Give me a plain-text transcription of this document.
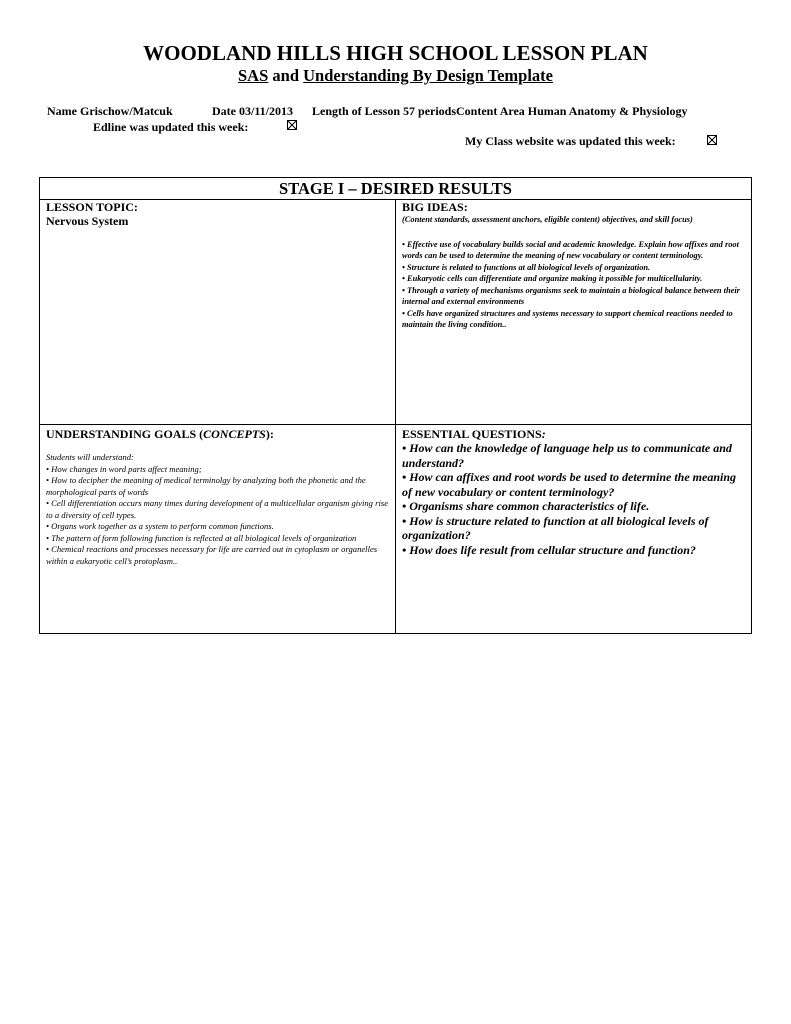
WOODLAND HILLS HIGH SCHOOL LESSON PLAN
SAS and Understanding By Design Template
Name Grischow/Matcuk	Date 03/11/2013 Length of Lesson 57 periodsContent Area Human Anatomy & Physiology
Edline was updated this week:
My Class website was updated this week:
STAGE I – DESIRED RESULTS
LESSON TOPIC:
Nervous System
BIG IDEAS:
(Content standards, assessment anchors, eligible content) objectives, and skill focus)
• Effective use of vocabulary builds social and academic knowledge. Explain how affixes and root words can be used to determine the meaning of new vocabulary or content terminology.
• Structure is related to functions at all biological levels of organization.
• Eukaryotic cells can differentiate and organize making it possible for multicellularity.
• Through a variety of mechanisms organisms seek to maintain a biological balance between their internal and external environments
• Cells have organized structures and systems necessary to support chemical reactions needed to maintain the living condition..
UNDERSTANDING GOALS (CONCEPTS):
Students will understand:
• How changes in word parts affect meaning;
• How to decipher the meaning of medical terminolgy by analyzing both the phonetic and the morphological parts of words
• Cell differentiation occurs many times during development of a multicellular organism giving rise to a diversity of cell types.
• Organs work together as a system to perform common functions.
• The pattern of form following function is reflected at all biological levels of organization
• Chemical reactions and processes necessary for life are carried out in cytoplasm or organelles within a eukaryotic cell’s protoplasm..
ESSENTIAL QUESTIONS:
• How can the knowledge of language help us to communicate and understand?
• How can affixes and root words be used to determine the meaning of new vocabulary or content terminology?
• Organisms share common characteristics of life.
• How is structure related to function at all biological levels of organization?
• How does life result from cellular structure and function?
